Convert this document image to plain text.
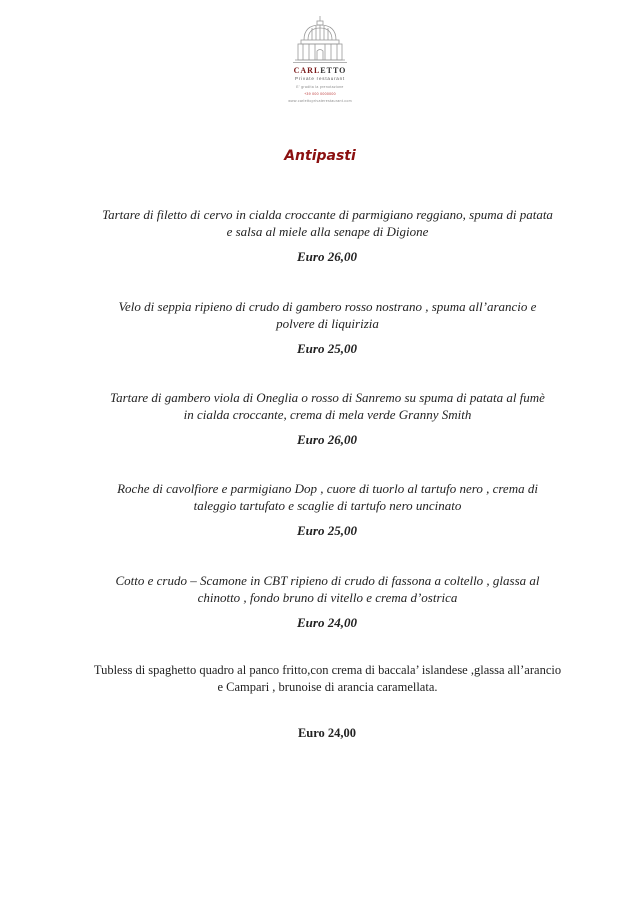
CARLETTO
Private restaurant
E' gradita la prenotazione
+39 000 0000000
www.carlettoprivaterestaurant.com
Antipasti
Tartare di filetto di cervo in cialda croccante di parmigiano reggiano, spuma di patata
e salsa al miele alla senape di Digione
Euro 26,00
Velo di seppia ripieno di crudo di gambero rosso nostrano , spuma all’arancio e
polvere di liquirizia
Euro 25,00
Tartare di gambero viola di Oneglia o rosso di Sanremo su spuma di patata al fumè
in cialda croccante, crema di mela verde Granny Smith
Euro 26,00
Roche di cavolfiore e parmigiano Dop , cuore di tuorlo al tartufo nero , crema di
taleggio tartufato e scaglie di tartufo nero uncinato
Euro 25,00
Cotto e crudo – Scamone in CBT ripieno di crudo di fassona a coltello , glassa al
chinotto , fondo bruno di vitello e crema d’ostrica
Euro 24,00
Tubless di spaghetto quadro al panco fritto,con crema di baccala’ islandese ,glassa all’arancio
e Campari , brunoise di arancia caramellata.
Euro 24,00
